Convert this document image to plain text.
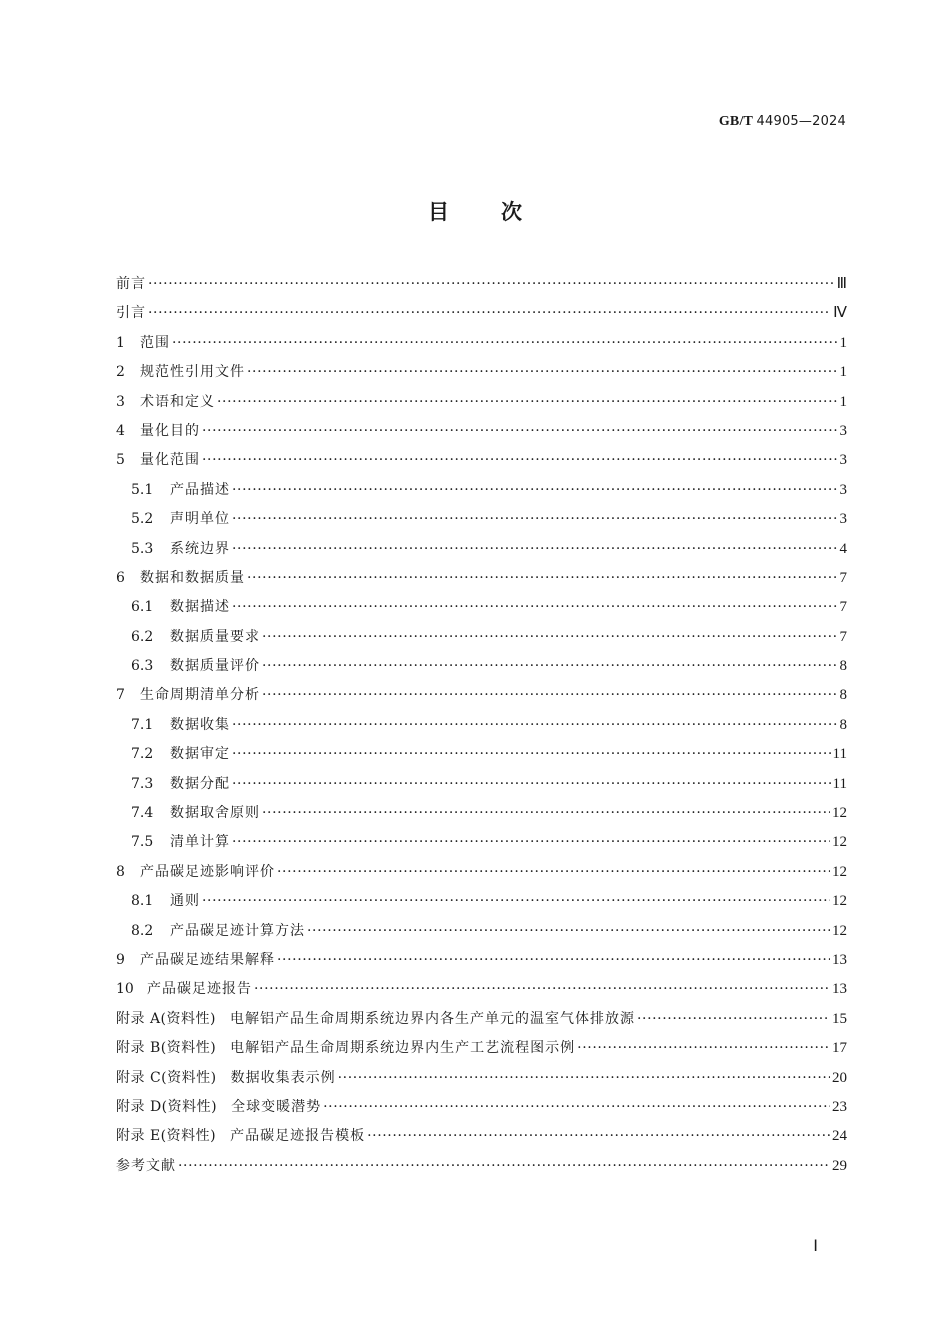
GB/T 44905—2024
目 次
前言 ·····	Ⅲ
引言 ·····	Ⅳ
1	范围 ·····	1
2	规范性引用文件 ·····	1
3	术语和定义 ·····	1
4	量化目的 ·····	3
5	量化范围 ·····	3
5.1	产品描述 ·····	3
5.2	声明单位 ·····	3
5.3	系统边界 ·····	4
6	数据和数据质量 ·····	7
6.1	数据描述 ·····	7
6.2	数据质量要求 ·····	7
6.3	数据质量评价 ·····	8
7	生命周期清单分析 ·····	8
7.1	数据收集 ·····	8
7.2	数据审定 ·····	11
7.3	数据分配 ·····	11
7.4	数据取舍原则 ·····	12
7.5	清单计算 ·····	12
8	产品碳足迹影响评价 ·····	12
8.1	通则 ·····	12
8.2	产品碳足迹计算方法 ·····	12
9	产品碳足迹结果解释 ·····	13
10 产品碳足迹报告 ·····	13
附录 A(资料性) 电解铝产品生命周期系统边界内各生产单元的温室气体排放源 ·····	15
附录 B(资料性) 电解铝产品生命周期系统边界内生产工艺流程图示例 ·····	17
附录 C(资料性) 数据收集表示例 ·····	20
附录 D(资料性) 全球变暖潜势 ·····	23
附录 E(资料性) 产品碳足迹报告模板 ·····	24
参考文献 ·····	29
Ⅰ
